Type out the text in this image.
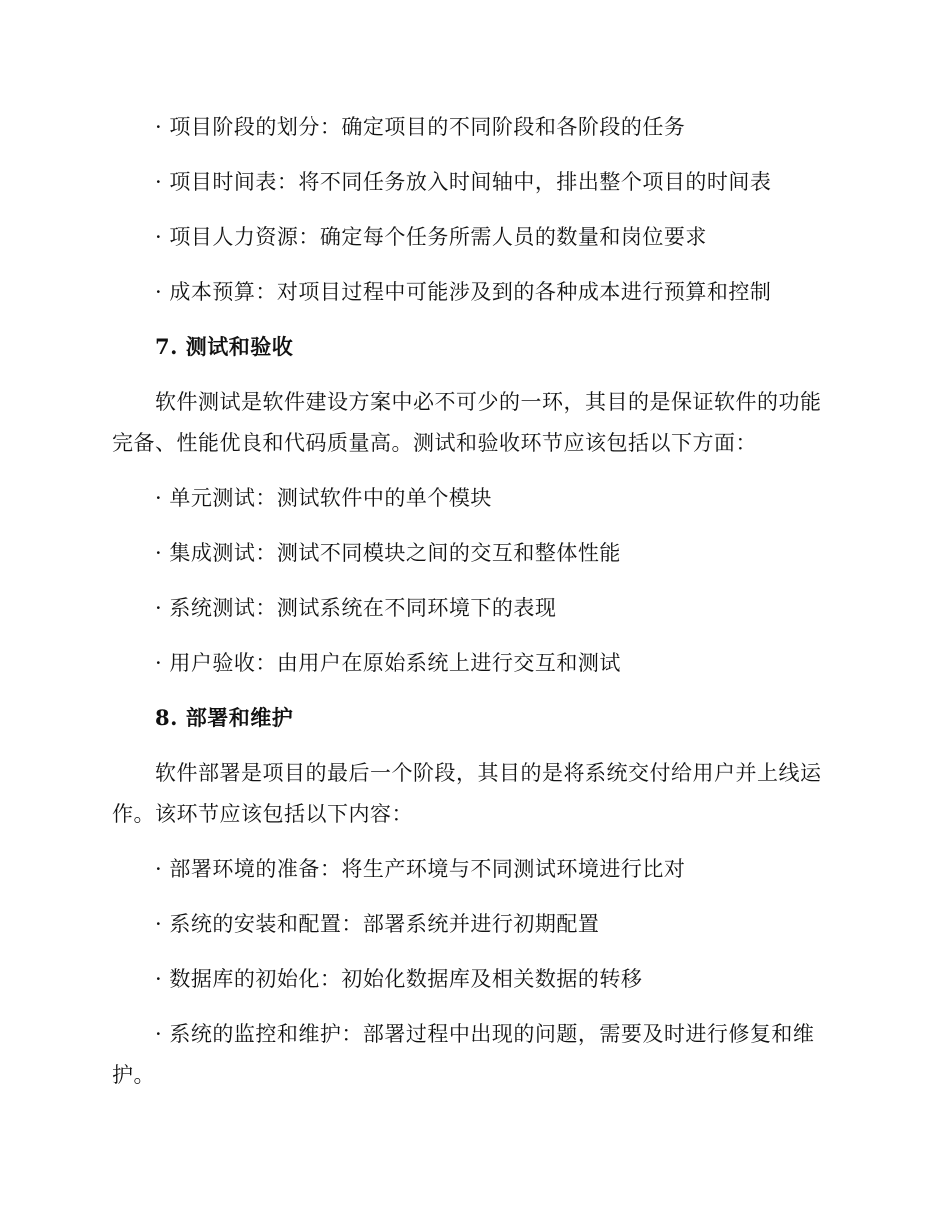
· 项目阶段的划分：确定项目的不同阶段和各阶段的任务
· 项目时间表：将不同任务放入时间轴中，排出整个项目的时间表
· 项目人力资源：确定每个任务所需人员的数量和岗位要求
· 成本预算：对项目过程中可能涉及到的各种成本进行预算和控制
7. 测试和验收
软件测试是软件建设方案中必不可少的一环，其目的是保证软件的功能
完备、性能优良和代码质量高。测试和验收环节应该包括以下方面：
· 单元测试：测试软件中的单个模块
· 集成测试：测试不同模块之间的交互和整体性能
· 系统测试：测试系统在不同环境下的表现
· 用户验收：由用户在原始系统上进行交互和测试
8. 部署和维护
软件部署是项目的最后一个阶段，其目的是将系统交付给用户并上线运
作。该环节应该包括以下内容：
· 部署环境的准备：将生产环境与不同测试环境进行比对
· 系统的安装和配置：部署系统并进行初期配置
· 数据库的初始化：初始化数据库及相关数据的转移
· 系统的监控和维护：部署过程中出现的问题，需要及时进行修复和维
护。
